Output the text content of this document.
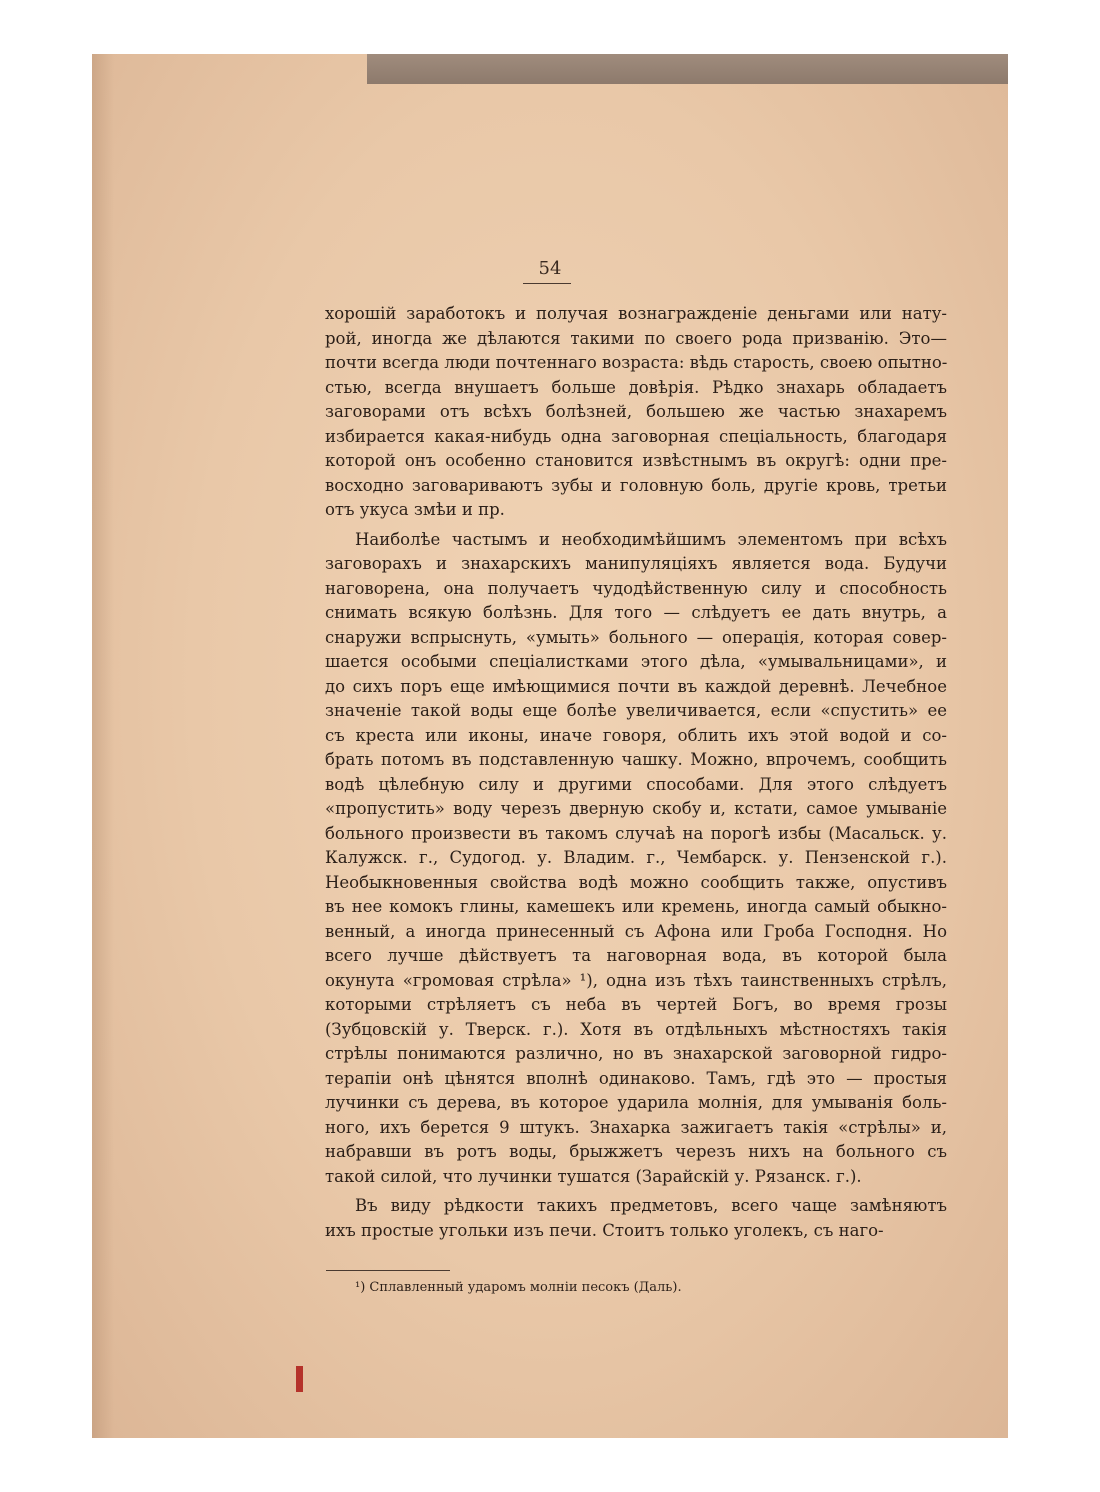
54
хорошій заработокъ и получая вознагражденіе деньгами или нату-
рой, иногда же дѣлаются такими по своего рода призванію. Это—
почти всегда люди почтеннаго возраста: вѣдь старость, своею опытно-
стью, всегда внушаетъ больше довѣрія. Рѣдко знахарь обладаетъ
заговорами отъ всѣхъ болѣзней, большею же частью знахаремъ
избирается какая-нибудь одна заговорная спеціальность, благодаря
которой онъ особенно становится извѣстнымъ въ округѣ: одни пре-
восходно заговариваютъ зубы и головную боль, другіе кровь, третьи
отъ укуса змѣи и пр.
Наиболѣе частымъ и необходимѣйшимъ элементомъ при всѣхъ
заговорахъ и знахарскихъ манипуляціяхъ является вода. Будучи
наговорена, она получаетъ чудодѣйственную силу и способность
снимать всякую болѣзнь. Для того — слѣдуетъ ее дать внутрь, а
снаружи вспрыснуть, «умыть» больного — операція, которая совер-
шается особыми спеціалистками этого дѣла, «умывальницами», и
до сихъ поръ еще имѣющимися почти въ каждой деревнѣ. Лечебное
значеніе такой воды еще болѣе увеличивается, если «спустить» ее
съ креста или иконы, иначе говоря, облить ихъ этой водой и со-
брать потомъ въ подставленную чашку. Можно, впрочемъ, сообщить
водѣ цѣлебную силу и другими способами. Для этого слѣдуетъ
«пропустить» воду черезъ дверную скобу и, кстати, самое умыванie
больного произвести въ такомъ случаѣ на порогѣ избы (Масальск. у.
Калужск. г., Судогод. у. Владим. г., Чембарск. у. Пензенской г.).
Необыкновенныя свойства водѣ можно сообщить также, опустивъ
въ нее комокъ глины, камешекъ или кремень, иногда самый обыкно-
венный, а иногда принесенный съ Афона или Гроба Господня. Но
всего лучше дѣйствуетъ та наговорная вода, въ которой была
окунута «громовая стрѣла» ¹), одна изъ тѣхъ таинственныхъ стрѣлъ,
которыми стрѣляетъ съ неба въ чертей Богъ, во время грозы
(Зубцовскій у. Тверск. г.). Хотя въ отдѣльныхъ мѣстностяхъ такія
стрѣлы понимаются различно, но въ знахарской заговорной гидро-
терапіи онѣ цѣнятся вполнѣ одинаково. Тамъ, гдѣ это — простыя
лучинки съ дерева, въ которое ударила молнія, для умыванія боль-
ного, ихъ берется 9 штукъ. Знахарка зажигаетъ такія «стрѣлы» и,
набравши въ ротъ воды, брыжжетъ черезъ нихъ на больного съ
такой силой, что лучинки тушатся (Зарайскій у. Рязанск. г.).
Въ виду рѣдкости такихъ предметовъ, всего чаще замѣняютъ
ихъ простые угольки изъ печи. Стоитъ только уголекъ, съ наго-
¹) Сплавленный ударомъ молніи песокъ (Даль).
